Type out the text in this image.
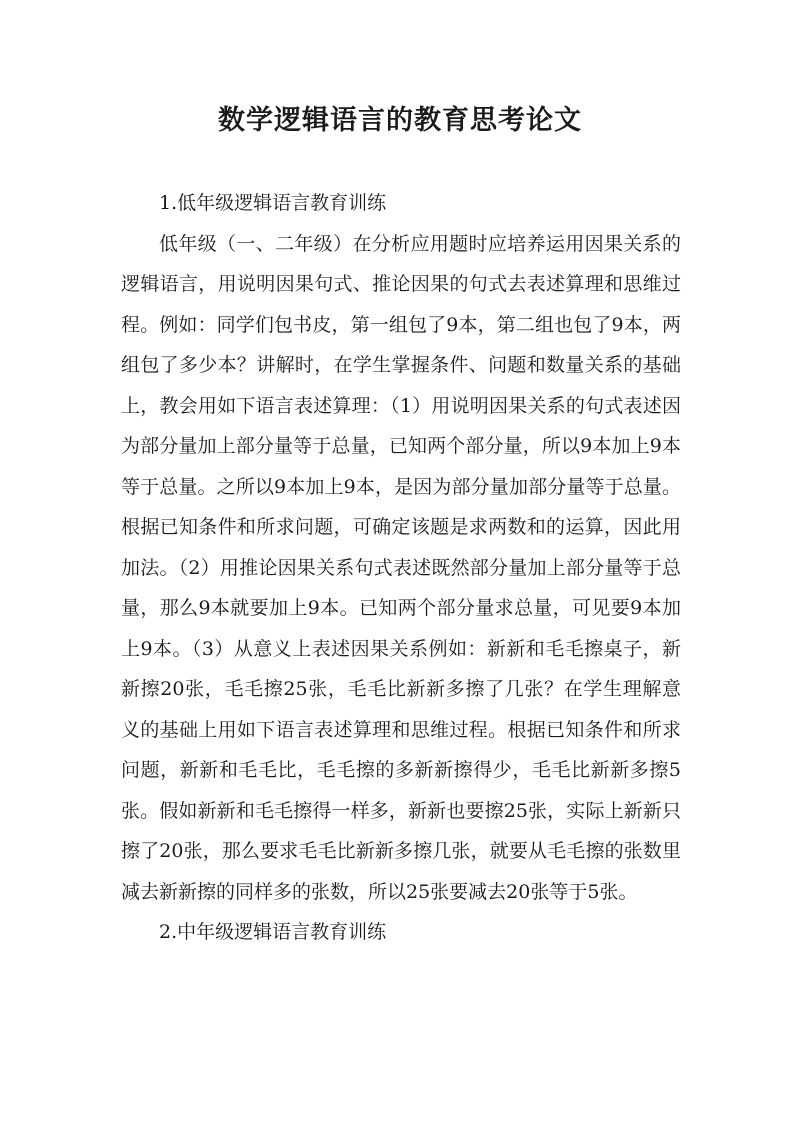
数学逻辑语言的教育思考论文

1.低年级逻辑语言教育训练

低年级（一、二年级）在分析应用题时应培养运用因果关系的逻辑语言，用说明因果句式、推论因果的句式去表述算理和思维过程。例如：同学们包书皮，第一组包了9本，第二组也包了9本，两组包了多少本？讲解时，在学生掌握条件、问题和数量关系的基础上，教会用如下语言表述算理：（1）用说明因果关系的句式表述因为部分量加上部分量等于总量，已知两个部分量，所以9本加上9本等于总量。之所以9本加上9本，是因为部分量加部分量等于总量。根据已知条件和所求问题，可确定该题是求两数和的运算，因此用加法。（2）用推论因果关系句式表述既然部分量加上部分量等于总量，那么9本就要加上9本。已知两个部分量求总量，可见要9本加上9本。（3）从意义上表述因果关系例如：新新和毛毛擦桌子，新新擦20张，毛毛擦25张，毛毛比新新多擦了几张？在学生理解意义的基础上用如下语言表述算理和思维过程。根据已知条件和所求问题，新新和毛毛比，毛毛擦的多新新擦得少，毛毛比新新多擦5张。假如新新和毛毛擦得一样多，新新也要擦25张，实际上新新只擦了20张，那么要求毛毛比新新多擦几张，就要从毛毛擦的张数里减去新新擦的同样多的张数，所以25张要减去20张等于5张。

2.中年级逻辑语言教育训练
